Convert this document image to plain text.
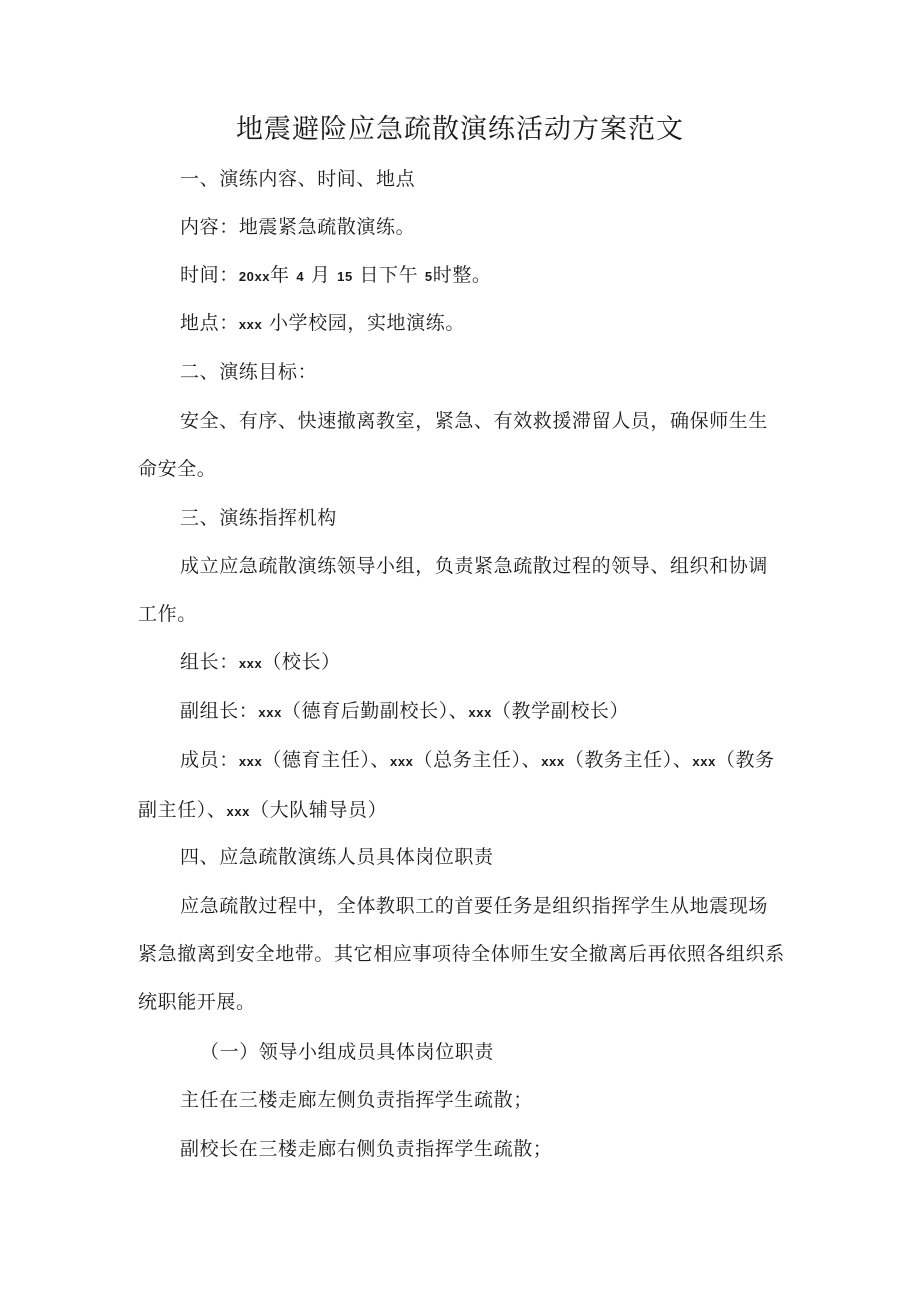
地震避险应急疏散演练活动方案范文

一、演练内容、时间、地点

内容：地震紧急疏散演练。

时间：20xx年 4 月 15 日下午 5时整。

地点：xxx 小学校园，实地演练。

二、演练目标：

安全、有序、快速撤离教室，紧急、有效救援滞留人员，确保师生生命安全。

三、演练指挥机构

成立应急疏散演练领导小组，负责紧急疏散过程的领导、组织和协调工作。

组长：xxx（校长）

副组长：xxx（德育后勤副校长）、xxx（教学副校长）

成员：xxx（德育主任）、xxx（总务主任）、xxx（教务主任）、xxx（教务副主任）、xxx（大队辅导员）

四、应急疏散演练人员具体岗位职责

应急疏散过程中，全体教职工的首要任务是组织指挥学生从地震现场紧急撤离到安全地带。其它相应事项待全体师生安全撤离后再依照各组织系统职能开展。

（一）领导小组成员具体岗位职责

主任在三楼走廊左侧负责指挥学生疏散；

副校长在三楼走廊右侧负责指挥学生疏散；
